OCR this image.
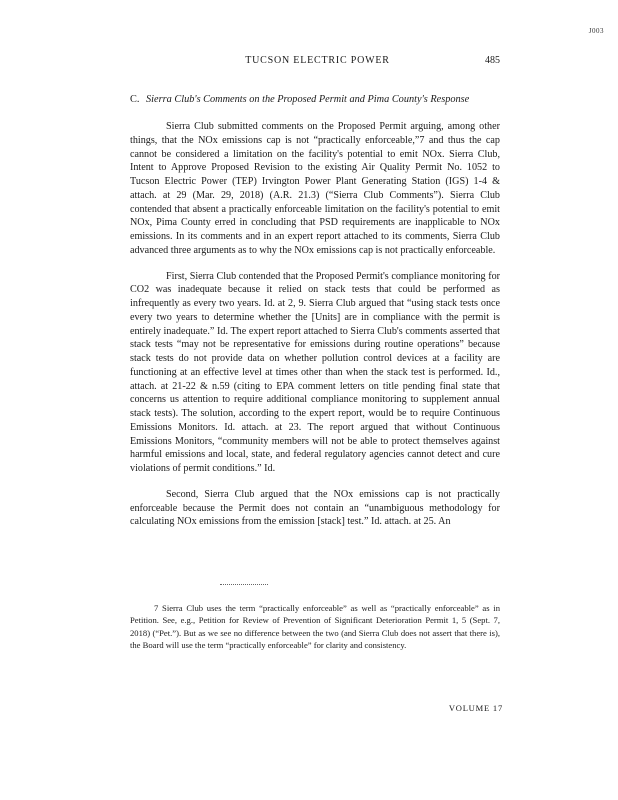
J003
TUCSON ELECTRIC POWER	485
C. Sierra Club's Comments on the Proposed Permit and Pima County's Response

Sierra Club submitted comments on the Proposed Permit arguing, among other things, that the NOx emissions cap is not “practically enforceable,”7 and thus the cap cannot be considered a limitation on the facility's potential to emit NOx. Sierra Club, Intent to Approve Proposed Revision to the existing Air Quality Permit No. 1052 to Tucson Electric Power (TEP) Irvington Power Plant Generating Station (IGS) 1-4 & attach. at 29 (Mar. 29, 2018) (A.R. 21.3) (“Sierra Club Comments”). Sierra Club contended that absent a practically enforceable limitation on the facility's potential to emit NOx, Pima County erred in concluding that PSD requirements are inapplicable to NOx emissions. In its comments and in an expert report attached to its comments, Sierra Club advanced three arguments as to why the NOx emissions cap is not practically enforceable.

First, Sierra Club contended that the Proposed Permit's compliance monitoring for CO2 was inadequate because it relied on stack tests that could be performed as infrequently as every two years. Id. at 2, 9. Sierra Club argued that “using stack tests once every two years to determine whether the [Units] are in compliance with the permit is entirely inadequate.” Id. The expert report attached to Sierra Club's comments asserted that stack tests “may not be representative for emissions during routine operations” because stack tests do not provide data on whether pollution control devices at a facility are functioning at an effective level at times other than when the stack test is performed. Id., attach. at 21-22 & n.59 (citing to EPA comment letters on title pending final state that concerns us attention to require additional compliance monitoring to supplement annual stack tests). The solution, according to the expert report, would be to require Continuous Emissions Monitors. Id. attach. at 23. The report argued that without Continuous Emissions Monitors, “community members will not be able to protect themselves against harmful emissions and local, state, and federal regulatory agencies cannot detect and cure violations of permit conditions.” Id.

Second, Sierra Club argued that the NOx emissions cap is not practically enforceable because the Permit does not contain an “unambiguous methodology for calculating NOx emissions from the emission [stack] test.” Id. attach. at 25. An

7 Sierra Club uses the term “practically enforceable” as well as “practically enforceable” as in Petition. See, e.g., Petition for Review of Prevention of Significant Deterioration Permit 1, 5 (Sept. 7, 2018) (“Pet.”). But as we see no difference between the two (and Sierra Club does not assert that there is), the Board will use the term “practically enforceable” for clarity and consistency.
VOLUME 17
